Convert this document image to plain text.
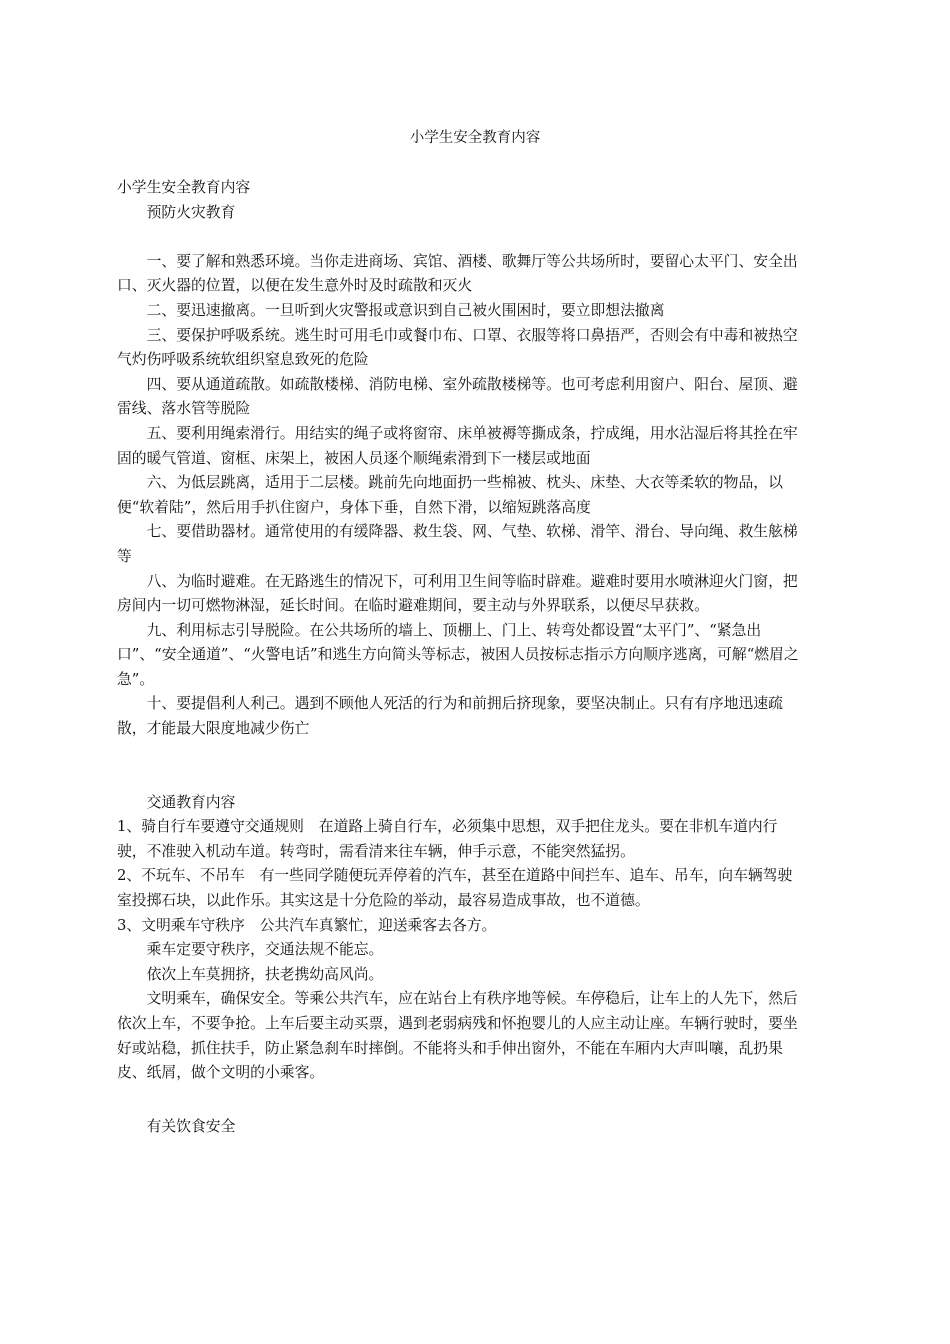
小学生安全教育内容

小学生安全教育内容

预防火灾教育

一、要了解和熟悉环境。当你走进商场、宾馆、酒楼、歌舞厅等公共场所时，要留心太平门、安全出口、灭火器的位置，以便在发生意外时及时疏散和灭火

二、要迅速撤离。一旦听到火灾警报或意识到自己被火围困时，要立即想法撤离

三、要保护呼吸系统。逃生时可用毛巾或餐巾布、口罩、衣服等将口鼻捂严，否则会有中毒和被热空气灼伤呼吸系统软组织窒息致死的危险

四、要从通道疏散。如疏散楼梯、消防电梯、室外疏散楼梯等。也可考虑利用窗户、阳台、屋顶、避雷线、落水管等脱险

五、要利用绳索滑行。用结实的绳子或将窗帘、床单被褥等撕成条，拧成绳，用水沾湿后将其拴在牢固的暖气管道、窗框、床架上，被困人员逐个顺绳索滑到下一楼层或地面

六、为低层跳离，适用于二层楼。跳前先向地面扔一些棉被、枕头、床垫、大衣等柔软的物品，以便“软着陆”，然后用手扒住窗户，身体下垂，自然下滑，以缩短跳落高度

七、要借助器材。通常使用的有缓降器、救生袋、网、气垫、软梯、滑竿、滑台、导向绳、救生舷梯等

八、为临时避难。在无路逃生的情况下，可利用卫生间等临时辟难。避难时要用水喷淋迎火门窗，把房间内一切可燃物淋湿，延长时间。在临时避难期间，要主动与外界联系，以便尽早获救。

九、利用标志引导脱险。在公共场所的墙上、顶棚上、门上、转弯处都设置“太平门”、“紧急出口”、“安全通道”、“火警电话”和逃生方向简头等标志，被困人员按标志指示方向顺序逃离，可解“燃眉之急”。

十、要提倡利人利己。遇到不顾他人死活的行为和前拥后挤现象，要坚决制止。只有有序地迅速疏散，才能最大限度地减少伤亡

交通教育内容

1、骑自行车要遵守交通规则　在道路上骑自行车，必须集中思想，双手把住龙头。要在非机车道内行驶，不准驶入机动车道。转弯时，需看清来往车辆，伸手示意，不能突然猛拐。

2、不玩车、不吊车　有一些同学随便玩弄停着的汽车，甚至在道路中间拦车、追车、吊车，向车辆驾驶室投掷石块，以此作乐。其实这是十分危险的举动，最容易造成事故，也不道德。

3、文明乘车守秩序　公共汽车真繁忙，迎送乘客去各方。

乘车定要守秩序，交通法规不能忘。

依次上车莫拥挤，扶老携幼高风尚。

文明乘车，确保安全。等乘公共汽车，应在站台上有秩序地等候。车停稳后，让车上的人先下，然后依次上车，不要争抢。上车后要主动买票，遇到老弱病残和怀抱婴儿的人应主动让座。车辆行驶时，要坐好或站稳，抓住扶手，防止紧急刹车时摔倒。不能将头和手伸出窗外，不能在车厢内大声叫嚷，乱扔果皮、纸屑，做个文明的小乘客。

有关饮食安全
